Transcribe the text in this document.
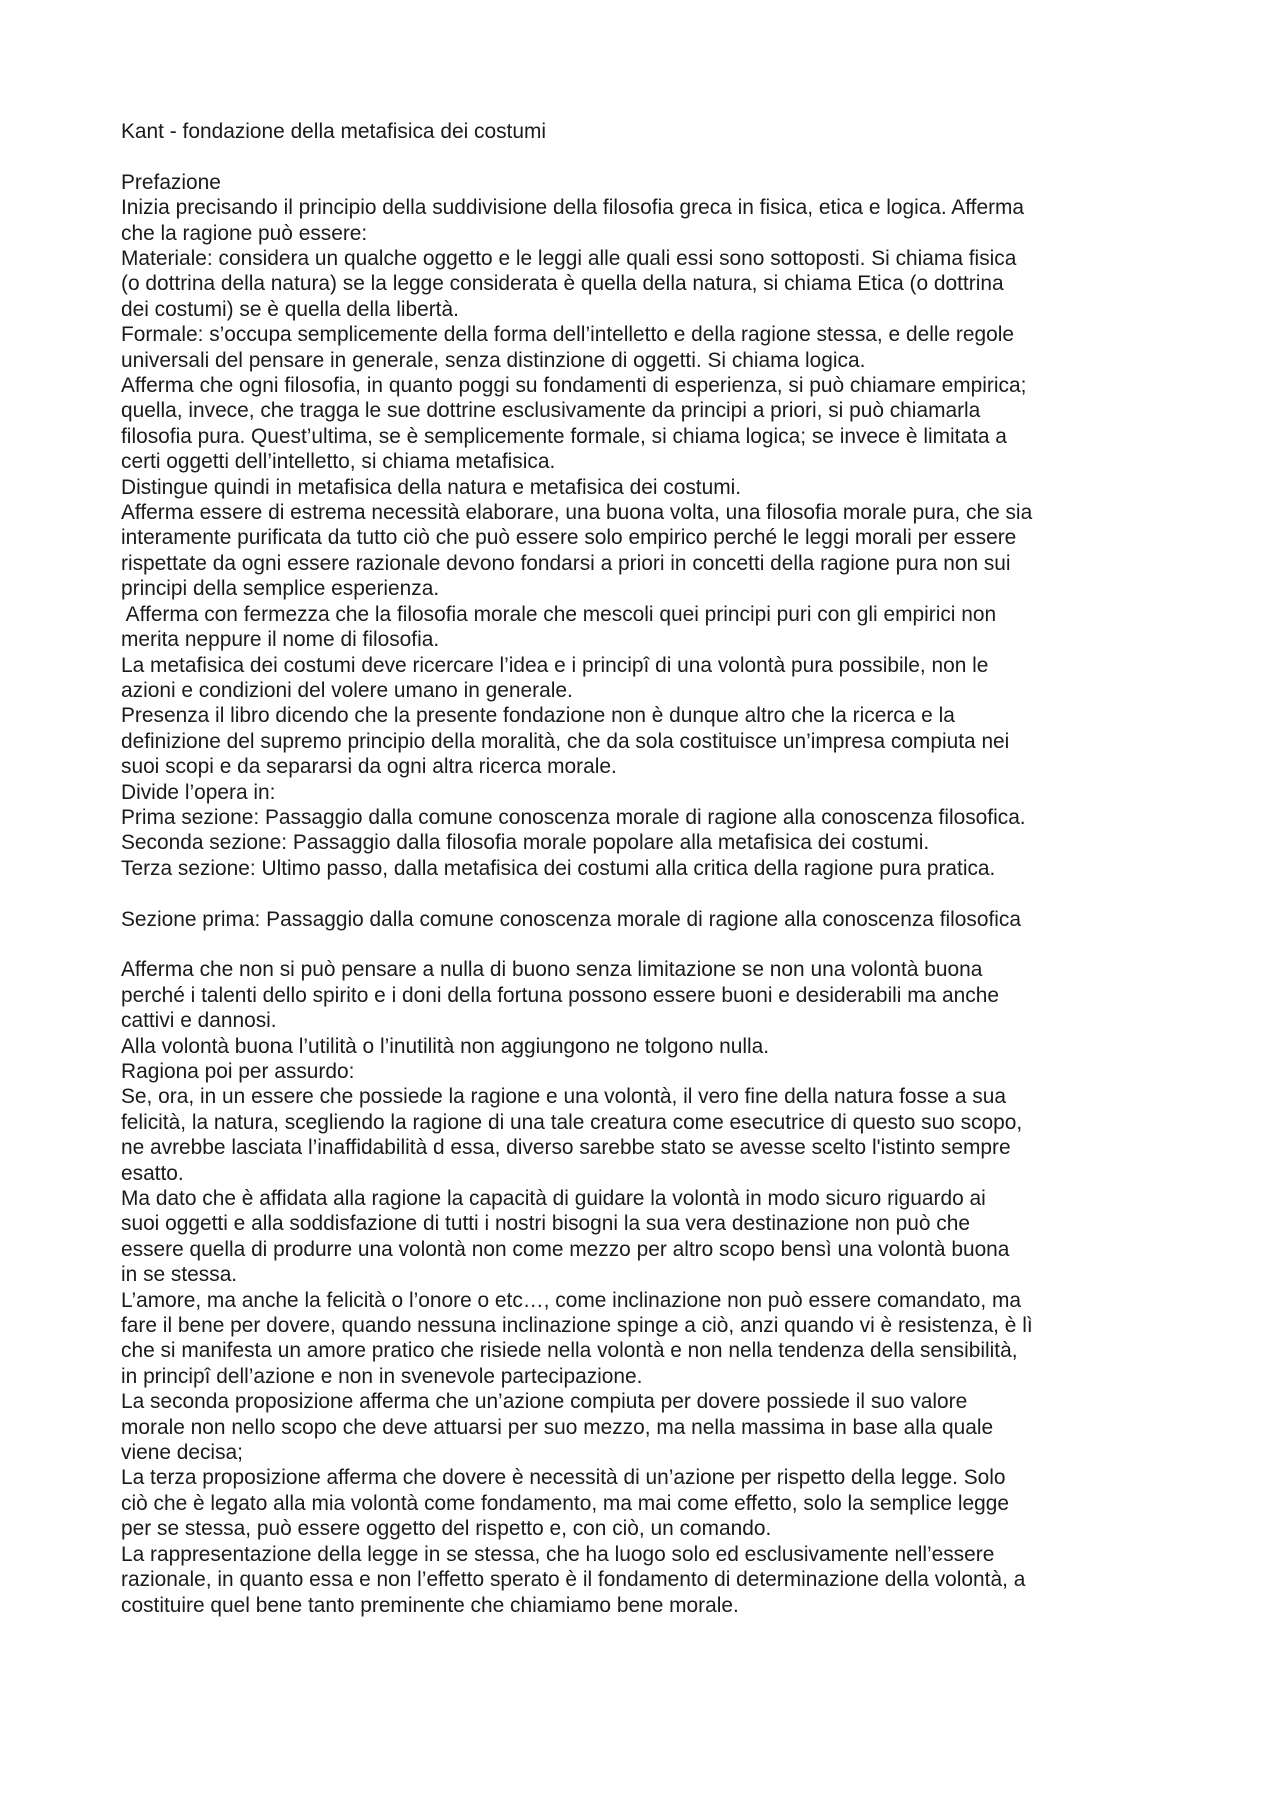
Kant - fondazione della metafisica dei costumi
Prefazione
Inizia precisando il principio della suddivisione della filosofia greca in fisica, etica e logica. Afferma
che la ragione può essere:
Materiale: considera un qualche oggetto e le leggi alle quali essi sono sottoposti. Si chiama fisica
(o dottrina della natura) se la legge considerata è quella della natura, si chiama Etica (o dottrina
dei costumi) se è quella della libertà.
Formale: s’occupa semplicemente della forma dell’intelletto e della ragione stessa, e delle regole
universali del pensare in generale, senza distinzione di oggetti. Si chiama logica.
Afferma che ogni filosofia, in quanto poggi su fondamenti di esperienza, si può chiamare empirica;
quella, invece, che tragga le sue dottrine esclusivamente da principi a priori, si può chiamarla
filosofia pura. Quest’ultima, se è semplicemente formale, si chiama logica; se invece è limitata a
certi oggetti dell’intelletto, si chiama metafisica.
Distingue quindi in metafisica della natura e metafisica dei costumi.
Afferma essere di estrema necessità elaborare, una buona volta, una filosofia morale pura, che sia
interamente purificata da tutto ciò che può essere solo empirico perché le leggi morali per essere
rispettate da ogni essere razionale devono fondarsi a priori in concetti della ragione pura non sui
principi della semplice esperienza.
Afferma con fermezza che la filosofia morale che mescoli quei principi puri con gli empirici non
merita neppure il nome di filosofia.
La metafisica dei costumi deve ricercare l’idea e i principî di una volontà pura possibile, non le
azioni e condizioni del volere umano in generale.
Presenza il libro dicendo che la presente fondazione non è dunque altro che la ricerca e la
definizione del supremo principio della moralità, che da sola costituisce un’impresa compiuta nei
suoi scopi e da separarsi da ogni altra ricerca morale.
Divide l’opera in:
Prima sezione: Passaggio dalla comune conoscenza morale di ragione alla conoscenza filosofica.
Seconda sezione: Passaggio dalla filosofia morale popolare alla metafisica dei costumi.
Terza sezione: Ultimo passo, dalla metafisica dei costumi alla critica della ragione pura pratica.
Sezione prima: Passaggio dalla comune conoscenza morale di ragione alla conoscenza filosofica
Afferma che non si può pensare a nulla di buono senza limitazione se non una volontà buona
perché i talenti dello spirito e i doni della fortuna possono essere buoni e desiderabili ma anche
cattivi e dannosi.
Alla volontà buona l’utilità o l’inutilità non aggiungono ne tolgono nulla.
Ragiona poi per assurdo:
Se, ora, in un essere che possiede la ragione e una volontà, il vero fine della natura fosse a sua
felicità, la natura, scegliendo la ragione di una tale creatura come esecutrice di questo suo scopo,
ne avrebbe lasciata l’inaffidabilità d essa, diverso sarebbe stato se avesse scelto l'istinto sempre
esatto.
Ma dato che è affidata alla ragione la capacità di guidare la volontà in modo sicuro riguardo ai
suoi oggetti e alla soddisfazione di tutti i nostri bisogni la sua vera destinazione non può che
essere quella di produrre una volontà non come mezzo per altro scopo bensì una volontà buona
in se stessa.
L’amore, ma anche la felicità o l’onore o etc…, come inclinazione non può essere comandato, ma
fare il bene per dovere, quando nessuna inclinazione spinge a ciò, anzi quando vi è resistenza, è lì
che si manifesta un amore pratico che risiede nella volontà e non nella tendenza della sensibilità,
in principî dell’azione e non in svenevole partecipazione.
La seconda proposizione afferma che un’azione compiuta per dovere possiede il suo valore
morale non nello scopo che deve attuarsi per suo mezzo, ma nella massima in base alla quale
viene decisa;
La terza proposizione afferma che dovere è necessità di un’azione per rispetto della legge. Solo
ciò che è legato alla mia volontà come fondamento, ma mai come effetto, solo la semplice legge
per se stessa, può essere oggetto del rispetto e, con ciò, un comando.
La rappresentazione della legge in se stessa, che ha luogo solo ed esclusivamente nell’essere
razionale, in quanto essa e non l’effetto sperato è il fondamento di determinazione della volontà, a
costituire quel bene tanto preminente che chiamiamo bene morale.
